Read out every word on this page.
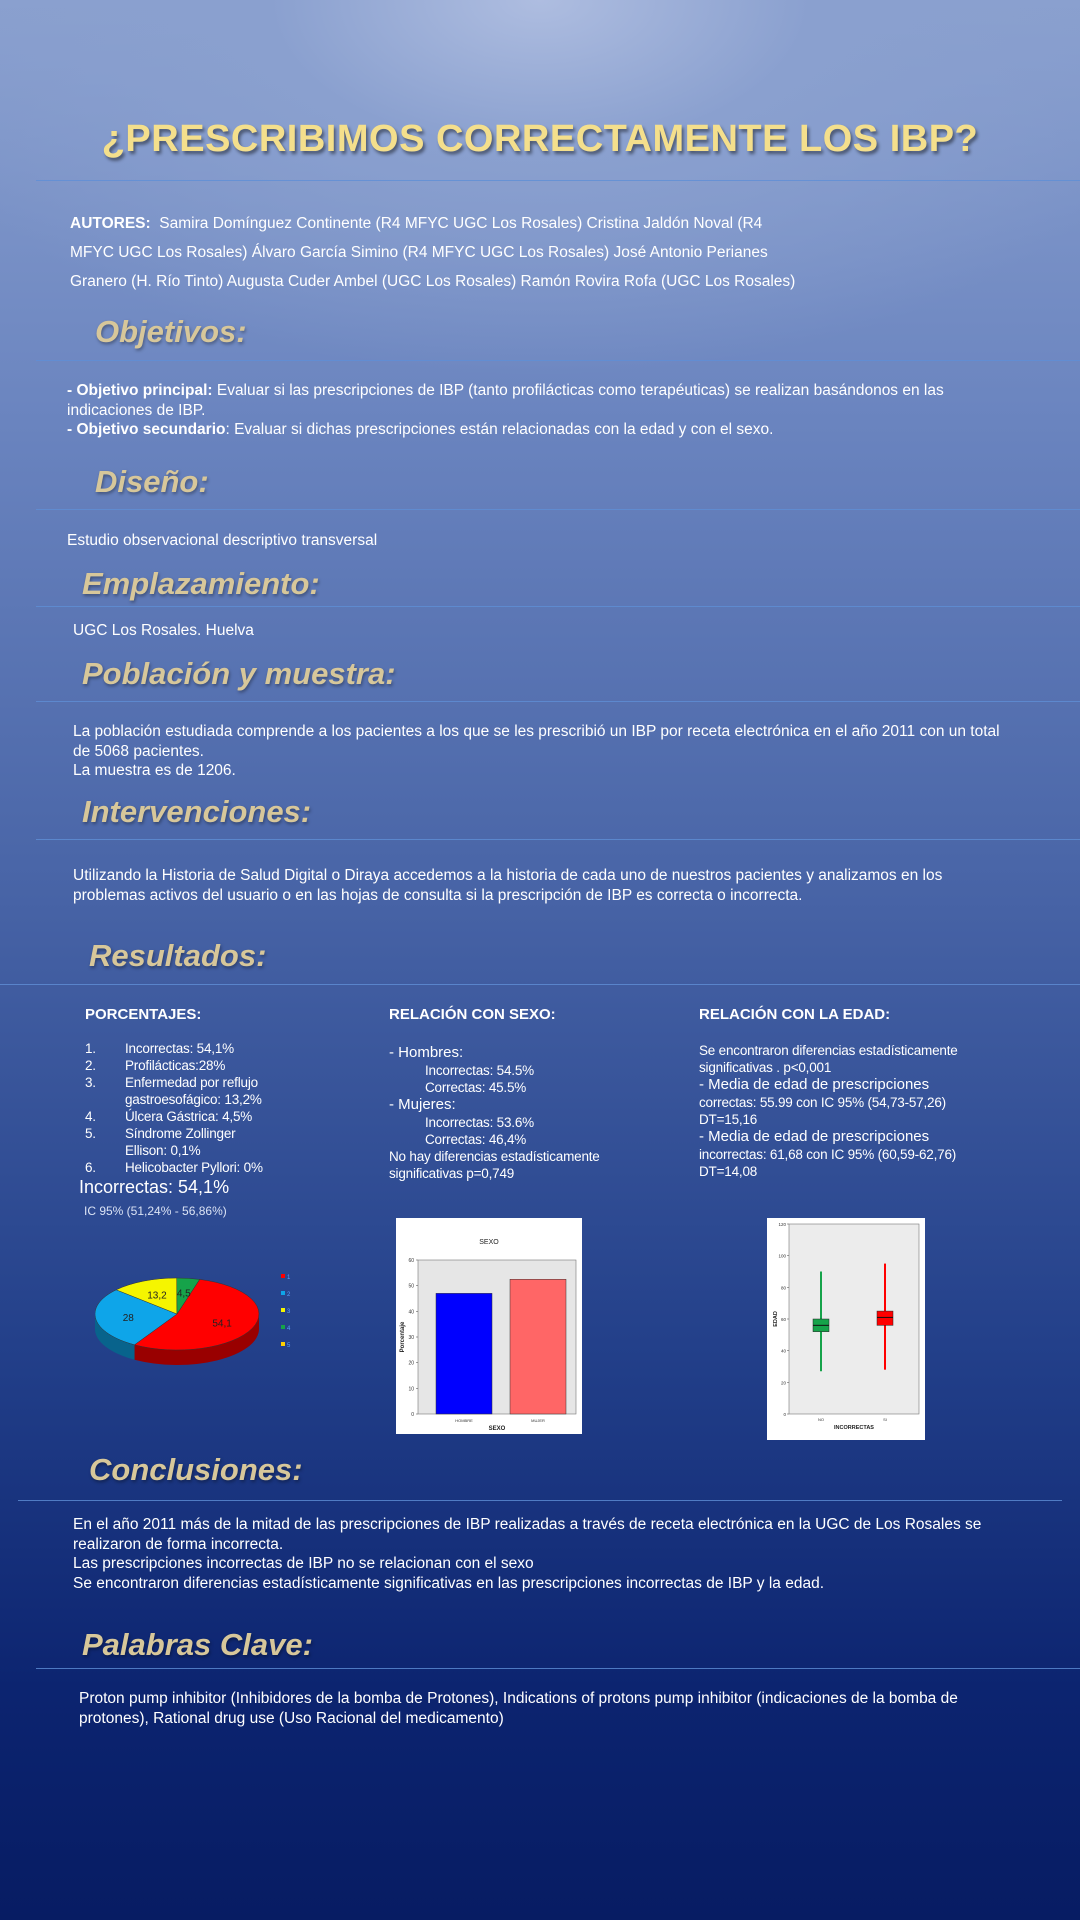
¿PRESCRIBIMOS CORRECTAMENTE LOS IBP?
AUTORES: Samira Domínguez Continente (R4 MFYC UGC Los Rosales) Cristina Jaldón Noval (R4
MFYC UGC Los Rosales) Álvaro García Simino (R4 MFYC UGC Los Rosales) José Antonio Perianes
Granero (H. Río Tinto) Augusta Cuder Ambel (UGC Los Rosales) Ramón Rovira Rofa (UGC Los Rosales)
Objetivos:
- Objetivo principal: Evaluar si las prescripciones de IBP (tanto profilácticas como terapéuticas) se realizan basándonos en las indicaciones de IBP.
- Objetivo secundario: Evaluar si dichas prescripciones están relacionadas con la edad y con el sexo.
Diseño:
Estudio observacional descriptivo transversal
Emplazamiento:
UGC Los Rosales. Huelva
Población y muestra:
La población estudiada comprende a los pacientes a los que se les prescribió un IBP por receta electrónica en el año 2011 con un total de 5068 pacientes.
La muestra es de 1206.
Intervenciones:
Utilizando la Historia de Salud Digital o Diraya accedemos a la historia de cada uno de nuestros pacientes y analizamos en los problemas activos del usuario o en las hojas de consulta si la prescripción de IBP es correcta o incorrecta.
Resultados:
PORCENTAJES:
1.	Incorrectas: 54,1%
2.	Profilácticas:28%
3.	Enfermedad por reflujo gastroesofágico: 13,2%
4.	Úlcera Gástrica: 4,5%
5.	Síndrome Zollinger Ellison: 0,1%
6.	Helicobacter Pyllori: 0%
Incorrectas: 54,1%
IC 95% (51,24% - 56,86%)
54,1
28
13,2 4,5
1
2
3
4
5
RELACIÓN CON SEXO:
- Hombres:
Incorrectas: 54.5%
Correctas: 45.5%
- Mujeres:
Incorrectas: 53.6%
Correctas: 46,4%
No hay diferencias estadísticamente
significativas p=0,749
SEXO
0
10
20
30
40
50
60
HOMBRE	MUJER
SEXO
Porcentaje
RELACIÓN CON LA EDAD:
Se encontraron diferencias estadísticamente
significativas . p<0,001
- Media de edad de prescripciones
correctas: 55.99 con IC 95% (54,73-57,26)
DT=15,16
- Media de edad de prescripciones
incorrectas: 61,68 con IC 95% (60,59-62,76)
DT=14,08
0
20
40
60
80
100
120
NO	SI
INCORRECTAS
EDAD
Conclusiones:
En el año 2011 más de la mitad de las prescripciones de IBP realizadas a través de receta electrónica en la UGC de Los Rosales se realizaron de forma incorrecta.
Las prescripciones incorrectas de IBP no se relacionan con el sexo
Se encontraron diferencias estadísticamente significativas en las prescripciones incorrectas de IBP y la edad.
Palabras Clave:
Proton pump inhibitor (Inhibidores de la bomba de Protones), Indications of protons pump inhibitor (indicaciones de la bomba de protones), Rational drug use (Uso Racional del medicamento)
